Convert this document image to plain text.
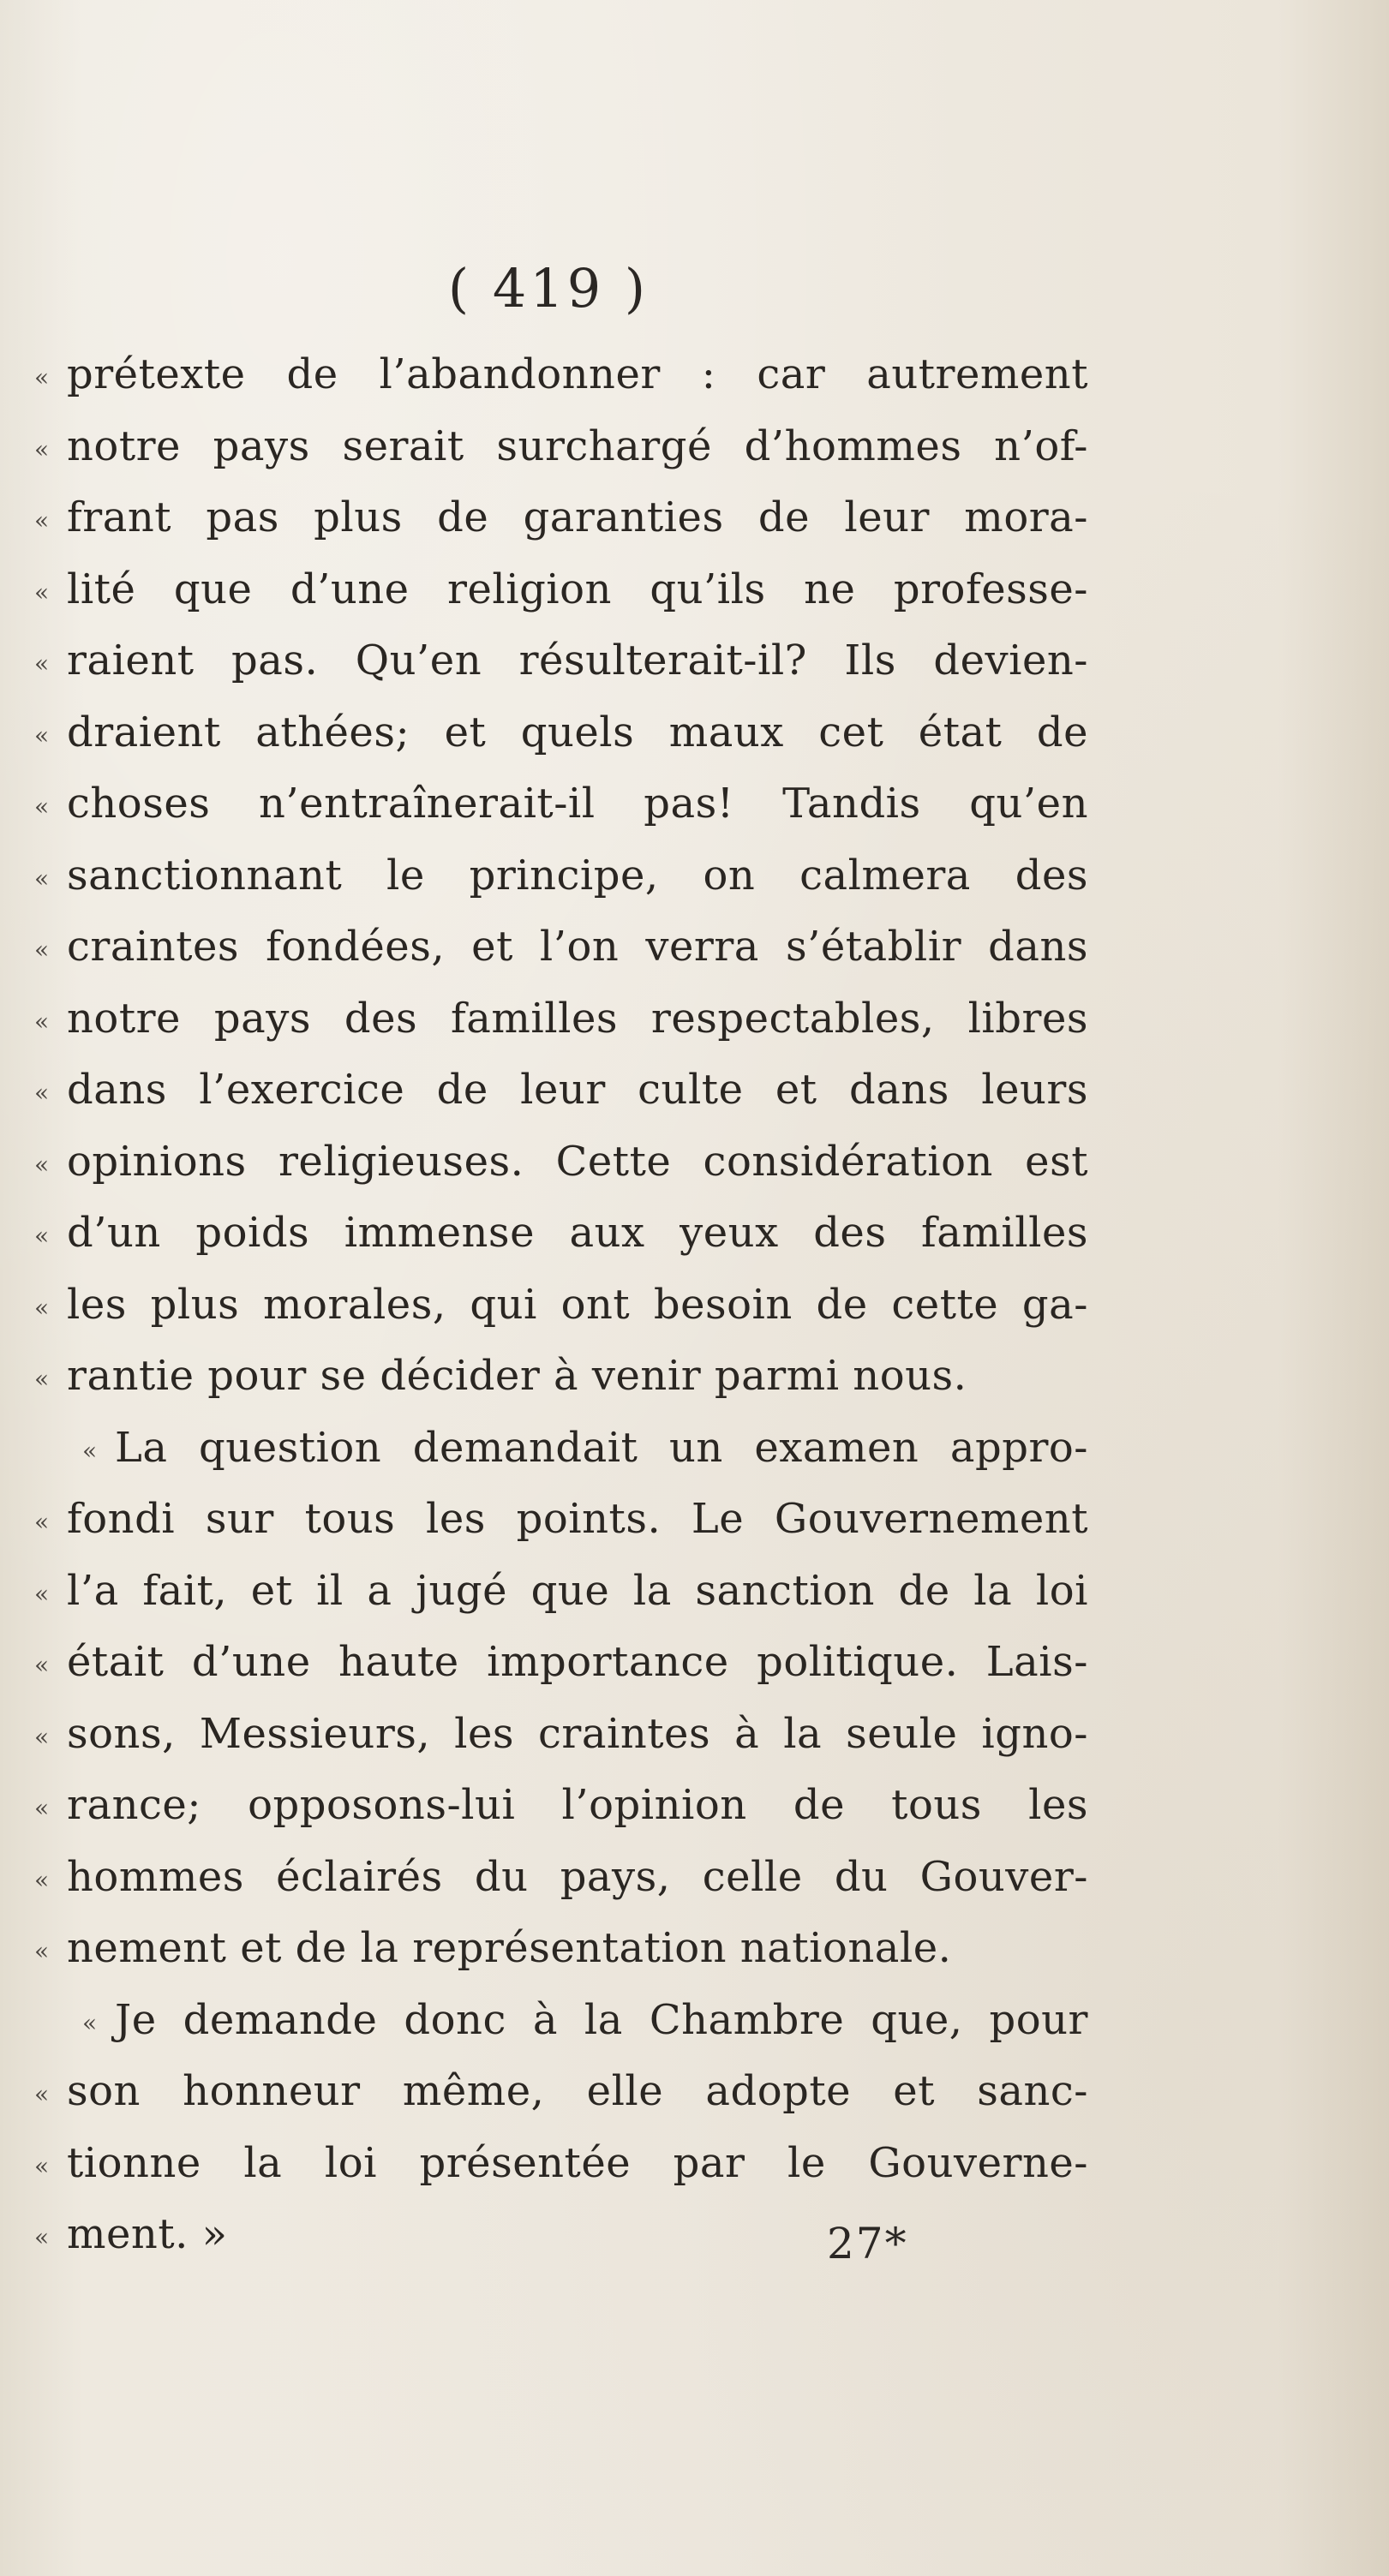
( 419 )
« prétexte de l’abandonner : car autrement
« notre pays serait surchargé d’hommes n’of-
« frant pas plus de garanties de leur mora-
« lité que d’une religion qu’ils ne professe-
« raient pas. Qu’en résulterait-il? Ils devien-
« draient athées; et quels maux cet état de
« choses n’entraînerait-il pas! Tandis qu’en
« sanctionnant le principe, on calmera des
« craintes fondées, et l’on verra s’établir dans
« notre pays des familles respectables, libres
« dans l’exercice de leur culte et dans leurs
« opinions religieuses. Cette considération est
« d’un poids immense aux yeux des familles
« les plus morales, qui ont besoin de cette ga-
« rantie pour se décider à venir parmi nous.
« La question demandait un examen appro-
« fondi sur tous les points. Le Gouvernement
« l’a fait, et il a jugé que la sanction de la loi
« était d’une haute importance politique. Lais-
« sons, Messieurs, les craintes à la seule igno-
« rance; opposons-lui l’opinion de tous les
« hommes éclairés du pays, celle du Gouver-
« nement et de la représentation nationale.
« Je demande donc à la Chambre que, pour
« son honneur même, elle adopte et sanc-
« tionne la loi présentée par le Gouverne-
« ment. »	27*
